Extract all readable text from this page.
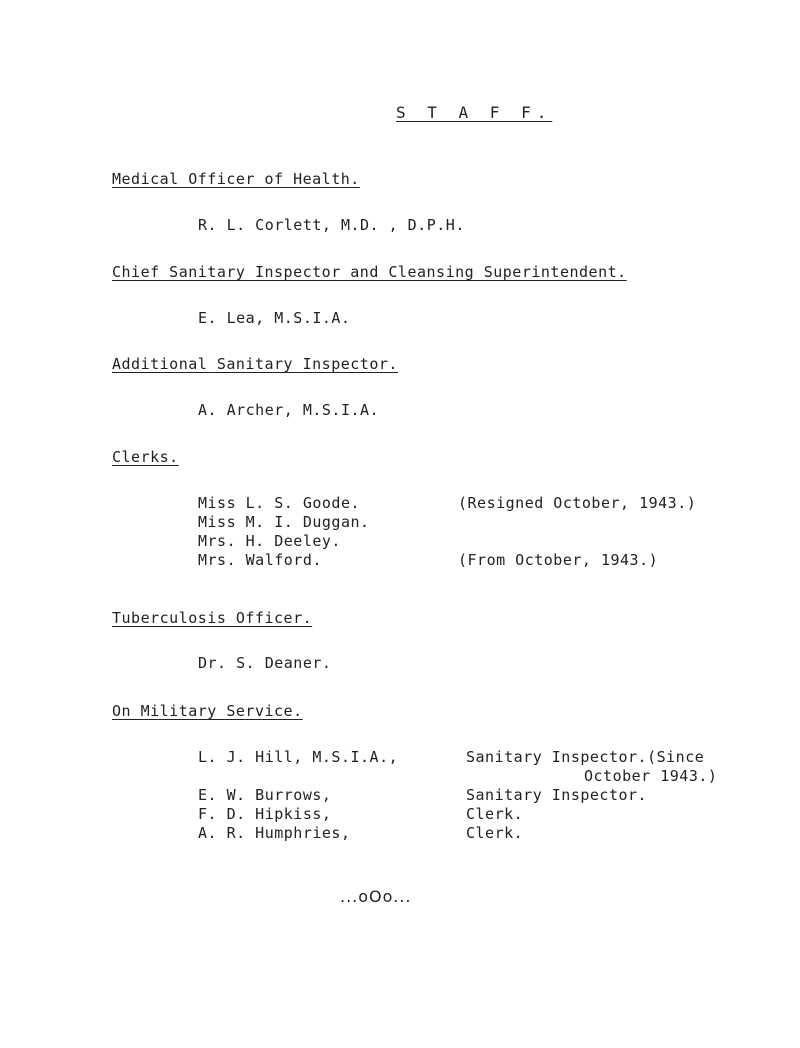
S T A F F.
Medical Officer of Health.
R. L. Corlett, M.D. , D.P.H.
Chief Sanitary Inspector and Cleansing Superintendent.
E. Lea, M.S.I.A.
Additional Sanitary Inspector.
A. Archer, M.S.I.A.
Clerks.
Miss L. S. Goode.	(Resigned October, 1943.)
Miss M. I. Duggan.
Mrs. H. Deeley.
Mrs. Walford.	(From October, 1943.)
Tuberculosis Officer.
Dr. S. Deaner.
On Military Service.
L. J. Hill, M.S.I.A.,	Sanitary Inspector.(Since
October 1943.)
E. W. Burrows,	Sanitary Inspector.
F. D. Hipkiss,	Clerk.
A. R. Humphries,	Clerk.
...oOo...
